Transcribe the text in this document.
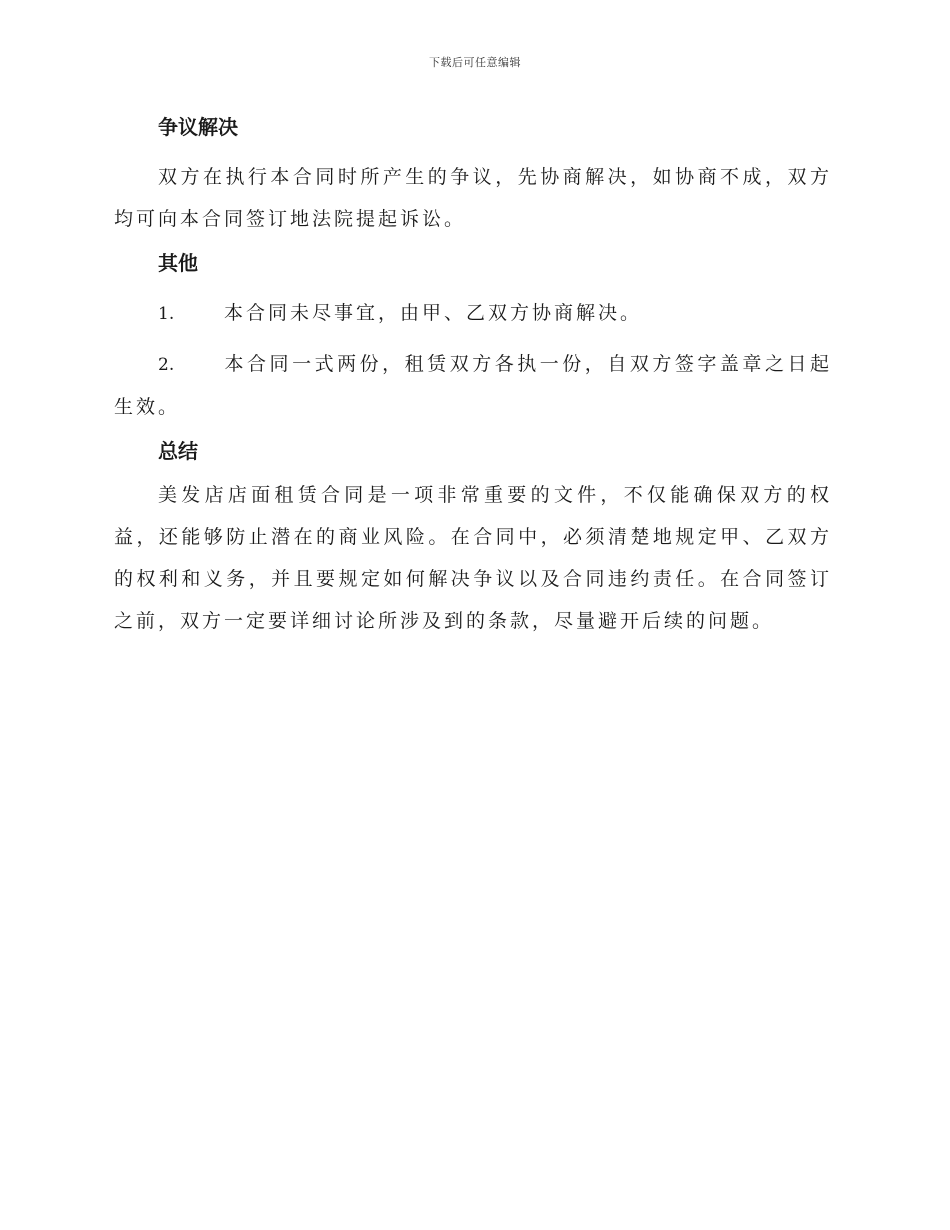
下载后可任意编辑
争议解决

双方在执行本合同时所产生的争议，先协商解决，如协商不成，双方均可向本合同签订地法院提起诉讼。

其他

1.	本合同未尽事宜，由甲、乙双方协商解决。

2.	本合同一式两份，租赁双方各执一份，自双方签字盖章之日起生效。

总结

美发店店面租赁合同是一项非常重要的文件，不仅能确保双方的权益，还能够防止潜在的商业风险。在合同中，必须清楚地规定甲、乙双方的权利和义务，并且要规定如何解决争议以及合同违约责任。在合同签订之前，双方一定要详细讨论所涉及到的条款，尽量避开后续的问题。
